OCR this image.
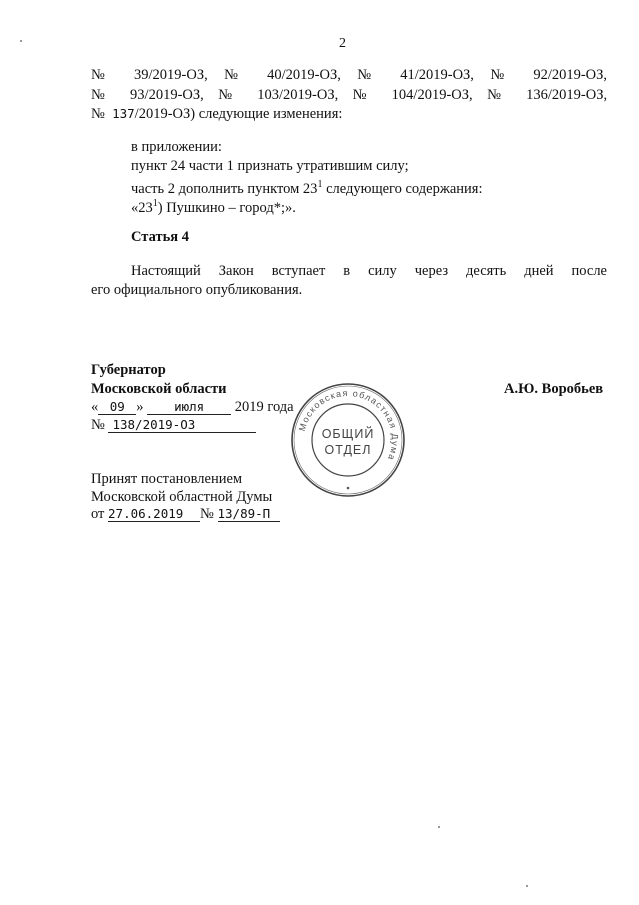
2
№ 39/2019-ОЗ, № 40/2019-ОЗ, № 41/2019-ОЗ, № 92/2019-ОЗ,
№ 93/2019-ОЗ, № 103/2019-ОЗ, № 104/2019-ОЗ, № 136/2019-ОЗ,
№ 137/2019-ОЗ) следующие изменения:
в приложении:
пункт 24 части 1 признать утратившим силу;
часть 2 дополнить пунктом $23^1$ следующего содержания:
«$23^1$) Пушкино – город*;».
Статья 4
Настоящий Закон вступает в силу через десять дней после
его официального опубликования.
Губернатор
Московской области	А.Ю. Воробьев
« 09 » июля 2019 года
№ 138/2019-ОЗ
Принят постановлением
Московской областной Думы
от 27.06.2019 № 13/89-П
Московская областная Дума
ОБЩИЙ
ОТДЕЛ
